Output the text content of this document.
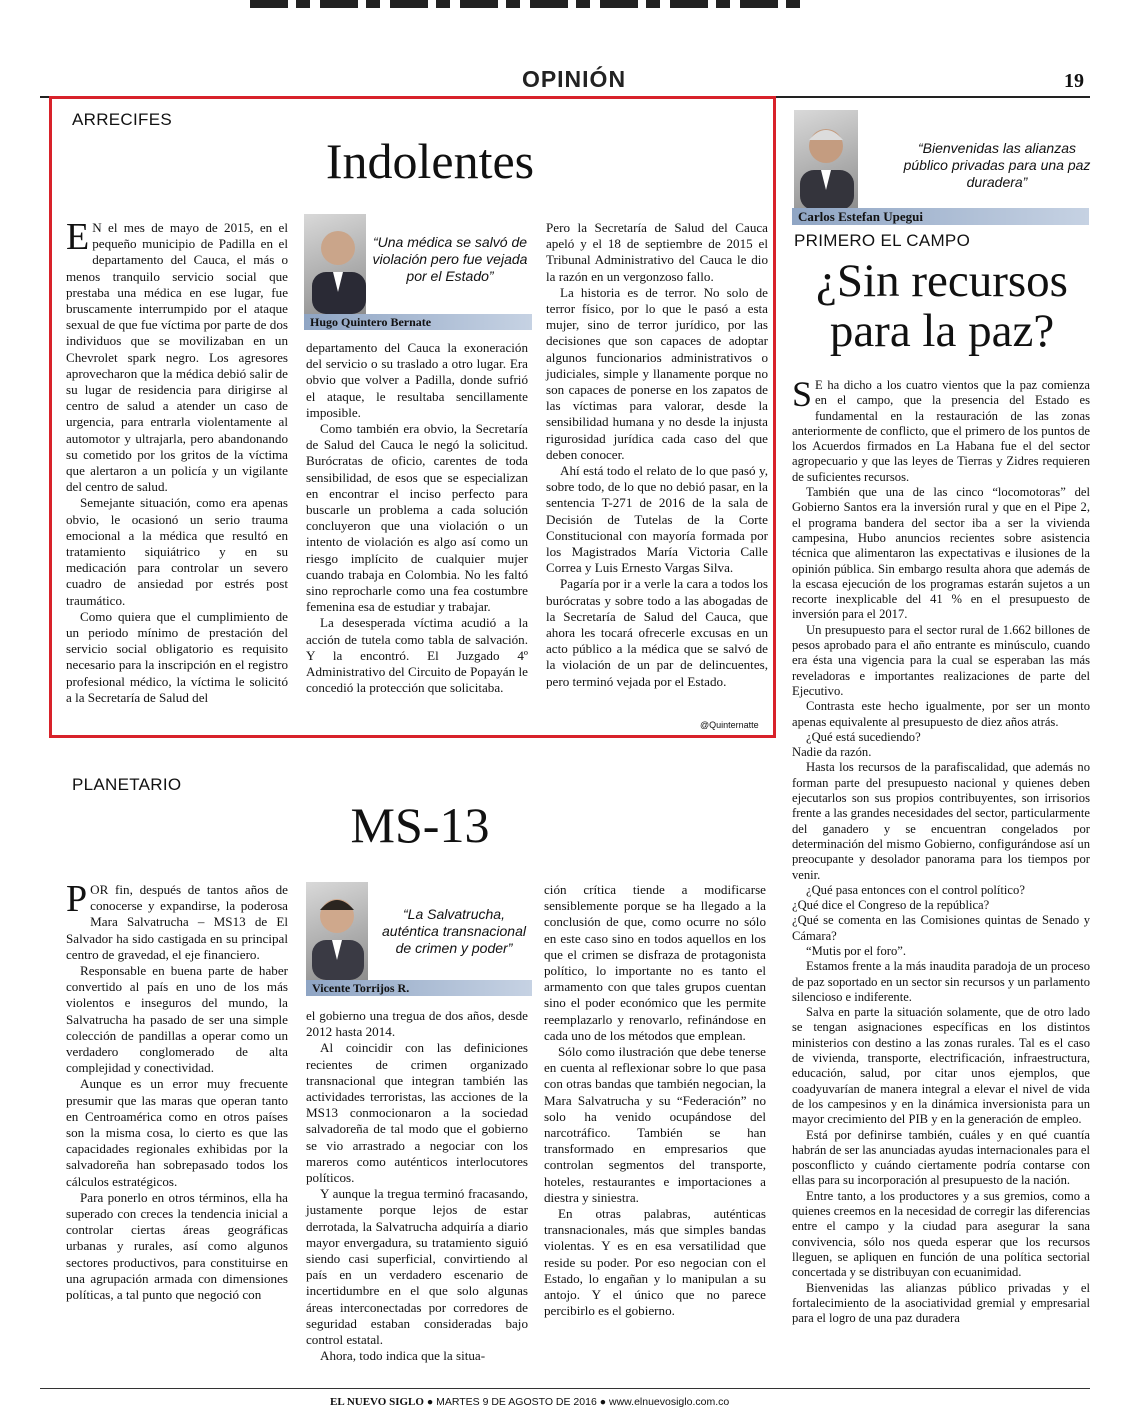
OPINIÓN	19
ARRECIFES
Indolentes

E N el mes de mayo de 2015, en el pequeño municipio de Padilla en el departamento del Cauca, el más o menos tranquilo servicio social que prestaba una médica en ese lugar, fue bruscamente interrumpido por el ataque sexual de que fue víctima por parte de dos individuos que se movilizaban en un Chevrolet spark negro. Los agresores aprovecharon que la médica debió salir de su lugar de residencia para dirigirse al centro de salud a atender un caso de urgencia, para entrarla violentamente al automotor y ultrajarla, pero abandonando su cometido por los gritos de la víctima que alertaron a un policía y un vigilante del centro de salud.

Semejante situación, como era apenas obvio, le ocasionó un serio trauma emocional a la médica que resultó en tratamiento siquiátrico y en su medicación para controlar un severo cuadro de ansiedad por estrés post traumático.

Como quiera que el cumplimiento de un periodo mínimo de prestación del servicio social obligatorio es requisito necesario para la inscripción en el registro profesional médico, la víctima le solicitó a la Secretaría de Salud del

“Una médica se salvó de violación pero fue vejada por el Estado”
Hugo Quintero Bernate

departamento del Cauca la exoneración del servicio o su traslado a otro lugar. Era obvio que volver a Padilla, donde sufrió el ataque, le resultaba sencillamente imposible.

Como también era obvio, la Secretaría de Salud del Cauca le negó la solicitud. Burócratas de oficio, carentes de toda sensibilidad, de esos que se especializan en encontrar el inciso perfecto para buscarle un problema a cada solución concluyeron que una violación o un intento de violación es algo así como un riesgo implícito de cualquier mujer cuando trabaja en Colombia. No les faltó sino reprocharle como una fea costumbre femenina esa de estudiar y trabajar.

La desesperada víctima acudió a la acción de tutela como tabla de salvación. Y la encontró. El Juzgado 4º Administrativo del Circuito de Popayán le concedió la protección que solicitaba.

Pero la Secretaría de Salud del Cauca apeló y el 18 de septiembre de 2015 el Tribunal Administrativo del Cauca le dio la razón en un vergonzoso fallo.

La historia es de terror. No solo de terror físico, por lo que le pasó a esta mujer, sino de terror jurídico, por las decisiones que son capaces de adoptar algunos funcionarios administrativos o judiciales, simple y llanamente porque no son capaces de ponerse en los zapatos de las víctimas para valorar, desde la sensibilidad humana y no desde la injusta rigurosidad jurídica cada caso del que deben conocer.

Ahí está todo el relato de lo que pasó y, sobre todo, de lo que no debió pasar, en la sentencia T-271 de 2016 de la sala de Decisión de Tutelas de la Corte Constitucional con mayoría formada por los Magistrados María Victoria Calle Correa y Luis Ernesto Vargas Silva.

Pagaría por ir a verle la cara a todos los burócratas y sobre todo a las abogadas de la Secretaría de Salud del Cauca, que ahora les tocará ofrecerle excusas en un acto público a la médica que se salvó de la violación de un par de delincuentes, pero terminó vejada por el Estado.

@Quinternatte
“Bienvenidas las alianzas público privadas para una paz duradera”
Carlos Estefan Upegui
PRIMERO EL CAMPO
¿Sin recursos para la paz?

S E ha dicho a los cuatro vientos que la paz comienza en el campo, que la presencia del Estado es fundamental en la restauración de las zonas anteriormente de conflicto, que el primero de los puntos de los Acuerdos firmados en La Habana fue el del sector agropecuario y que las leyes de Tierras y Zidres requieren de suficientes recursos.

También que una de las cinco “locomotoras” del Gobierno Santos era la inversión rural y que en el Pipe 2, el programa bandera del sector iba a ser la vivienda campesina, Hubo anuncios recientes sobre asistencia técnica que alimentaron las expectativas e ilusiones de la opinión pública. Sin embargo resulta ahora que además de la escasa ejecución de los programas estarán sujetos a un recorte inexplicable del 41 % en el presupuesto de inversión para el 2017.

Un presupuesto para el sector rural de 1.662 billones de pesos aprobado para el año entrante es minúsculo, cuando era ésta una vigencia para la cual se esperaban las más reveladoras e importantes realizaciones de parte del Ejecutivo.

Contrasta este hecho igualmente, por ser un monto apenas equivalente al presupuesto de diez años atrás.

¿Qué está sucediendo?

Nadie da razón.

Hasta los recursos de la parafiscalidad, que además no forman parte del presupuesto nacional y quienes deben ejecutarlos son sus propios contribuyentes, son irrisorios frente a las grandes necesidades del sector, particularmente del ganadero y se encuentran congelados por determinación del mismo Gobierno, configurándose así un preocupante y desolador panorama para los tiempos por venir.

¿Qué pasa entonces con el control político?

¿Qué dice el Congreso de la república?

¿Qué se comenta en las Comisiones quintas de Senado y Cámara?

“Mutis por el foro”.

Estamos frente a la más inaudita paradoja de un proceso de paz soportado en un sector sin recursos y un parlamento silencioso e indiferente.

Salva en parte la situación solamente, que de otro lado se tengan asignaciones específicas en los distintos ministerios con destino a las zonas rurales. Tal es el caso de vivienda, transporte, electrificación, infraestructura, educación, salud, por citar unos ejemplos, que coadyuvarían de manera integral a elevar el nivel de vida de los campesinos y en la dinámica inversionista para un mayor crecimiento del PIB y en la generación de empleo.

Está por definirse también, cuáles y en qué cuantía habrán de ser las anunciadas ayudas internacionales para el posconflicto y cuándo ciertamente podría contarse con ellas para su incorporación al presupuesto de la nación.

Entre tanto, a los productores y a sus gremios, como a quienes creemos en la necesidad de corregir las diferencias entre el campo y la ciudad para asegurar la sana convivencia, sólo nos queda esperar que los recursos lleguen, se apliquen en función de una política sectorial concertada y se distribuyan con ecuanimidad.

Bienvenidas las alianzas público privadas y el fortalecimiento de la asociatividad gremial y empresarial para el logro de una paz duradera

PLANETARIO
MS-13

POR fin, después de tantos años de conocerse y expandirse, la poderosa Mara Salvatrucha – MS13 de El Salvador ha sido castigada en su principal centro de gravedad, el eje financiero.

Responsable en buena parte de haber convertido al país en uno de los más violentos e inseguros del mundo, la Salvatrucha ha pasado de ser una simple colección de pandillas a operar como un verdadero conglomerado de alta complejidad y conectividad.

Aunque es un error muy frecuente presumir que las maras que operan tanto en Centroamérica como en otros países son la misma cosa, lo cierto es que las capacidades regionales exhibidas por la salvadoreña han sobrepasado todos los cálculos estratégicos.

Para ponerlo en otros términos, ella ha superado con creces la tendencia inicial a controlar ciertas áreas geográficas urbanas y rurales, así como algunos sectores productivos, para constituirse en una agrupación armada con dimensiones políticas, a tal punto que negoció con

“La Salvatrucha, auténtica transnacional de crimen y poder”
Vicente Torrijos R.

el gobierno una tregua de dos años, desde 2012 hasta 2014.

Al coincidir con las definiciones recientes de crimen organizado transnacional que integran también las actividades terroristas, las acciones de la MS13 conmocionaron a la sociedad salvadoreña de tal modo que el gobierno se vio arrastrado a negociar con los mareros como auténticos interlocutores políticos.

Y aunque la tregua terminó fracasando, justamente porque lejos de estar derrotada, la Salvatrucha adquiría a diario mayor envergadura, su tratamiento siguió siendo casi superficial, convirtiendo al país en un verdadero escenario de incertidumbre en el que solo algunas áreas interconectadas por corredores de seguridad estaban consideradas bajo control estatal.

Ahora, todo indica que la situa-

ción crítica tiende a modificarse sensiblemente porque se ha llegado a la conclusión de que, como ocurre no sólo en este caso sino en todos aquellos en los que el crimen se disfraza de protagonista político, lo importante no es tanto el armamento con que tales grupos cuentan sino el poder económico que les permite reemplazarlo y renovarlo, refinándose en cada uno de los métodos que emplean.

Sólo como ilustración que debe tenerse en cuenta al reflexionar sobre lo que pasa con otras bandas que también negocian, la Mara Salvatrucha y su “Federación” no solo ha venido ocupándose del narcotráfico. También se han transformado en empresarios que controlan segmentos del transporte, hoteles, restaurantes e importaciones a diestra y siniestra.

En otras palabras, auténticas transnacionales, más que simples bandas violentas. Y es en esa versatilidad que reside su poder. Por eso negocian con el Estado, lo engañan y lo manipulan a su antojo. Y el único que no parece percibirlo es el gobierno.

EL NUEVO SIGLO ● MARTES 9 DE AGOSTO DE 2016 ● www.elnuevosiglo.com.co
